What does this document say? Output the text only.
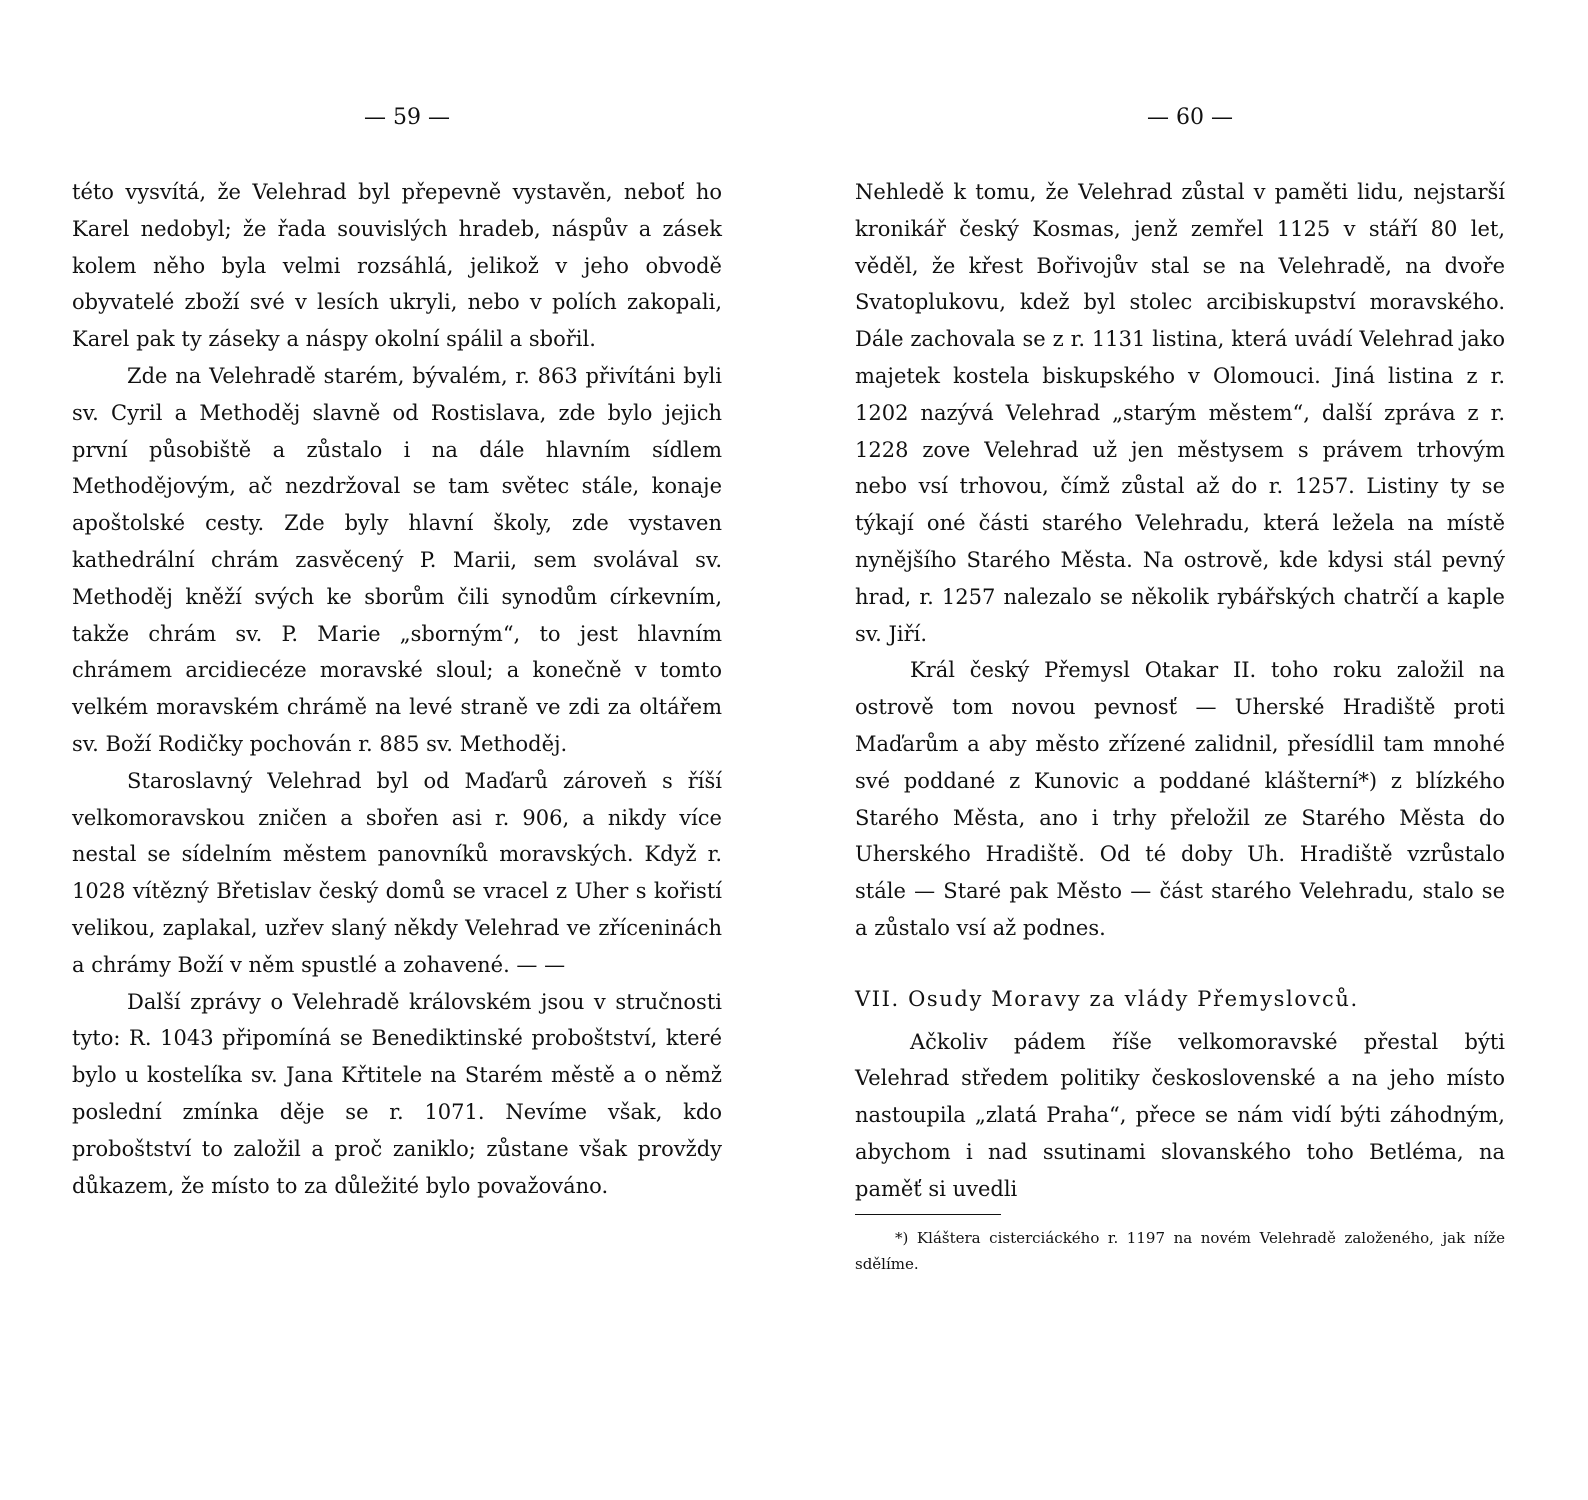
— 59 —

této vysvítá, že Velehrad byl přepevně vystavěn, neboť ho Karel nedobyl; že řada souvislých hradeb, náspův a zásek kolem něho byla velmi rozsáhlá, jelikož v jeho obvodě obyvatelé zboží své v lesích ukryli, nebo v polích zakopali, Karel pak ty záseky a náspy okolní spálil a sbořil.

Zde na Velehradě starém, bývalém, r. 863 přivítáni byli sv. Cyril a Methoděj slavně od Rostislava, zde bylo jejich první působiště a zůstalo i na dále hlavním sídlem Methodějovým, ač nezdržoval se tam světec stále, konaje apoštolské cesty. Zde byly hlavní školy, zde vystaven kathedrální chrám zasvěcený P. Marii, sem svolával sv. Methoděj kněží svých ke sborům čili synodům církevním, takže chrám sv. P. Marie „sborným“, to jest hlavním chrámem arcidiecéze moravské sloul; a konečně v tomto velkém moravském chrámě na levé straně ve zdi za oltářem sv. Boží Rodičky pochován r. 885 sv. Methoděj.

Staroslavný Velehrad byl od Maďarů zároveň s říší velkomoravskou zničen a sbořen asi r. 906, a nikdy více nestal se sídelním městem panovníků moravských. Když r. 1028 vítězný Břetislav český domů se vracel z Uher s kořistí velikou, zaplakal, uzřev slaný někdy Velehrad ve zříceninách a chrámy Boží v něm spustlé a zohavené. — —

Další zprávy o Velehradě královském jsou v stručnosti tyto: R. 1043 připomíná se Benediktinské proboštství, které bylo u kostelíka sv. Jana Křtitele na Starém městě a o němž poslední zmínka děje se r. 1071. Nevíme však, kdo proboštství to založil a proč zaniklo; zůstane však provždy důkazem, že místo to za důležité bylo považováno.

— 60 —

Nehledě k tomu, že Velehrad zůstal v paměti lidu, nejstarší kronikář český Kosmas, jenž zemřel 1125 v stáří 80 let, věděl, že křest Bořivojův stal se na Velehradě, na dvoře Svatoplukovu, kdež byl stolec arcibiskupství moravského. Dále zachovala se z r. 1131 listina, která uvádí Velehrad jako majetek kostela biskupského v Olomouci. Jiná listina z r. 1202 nazývá Velehrad „starým městem“, další zpráva z r. 1228 zove Velehrad už jen městysem s právem trhovým nebo vsí trhovou, čímž zůstal až do r. 1257. Listiny ty se týkají oné části starého Velehradu, která ležela na místě nynějšího Starého Města. Na ostrově, kde kdysi stál pevný hrad, r. 1257 nalezalo se několik rybářských chatrčí a kaple sv. Jiří.

Král český Přemysl Otakar II. toho roku založil na ostrově tom novou pevnosť — Uherské Hradiště proti Maďarům a aby město zřízené zalidnil, přesídlil tam mnohé své poddané z Kunovic a poddané klášterní*) z blízkého Starého Města, ano i trhy přeložil ze Starého Města do Uherského Hradiště. Od té doby Uh. Hradiště vzrůstalo stále — Staré pak Město — část starého Velehradu, stalo se a zůstalo vsí až podnes.

VII. Osudy Moravy za vlády Přemyslovců.

Ačkoliv pádem říše velkomoravské přestal býti Velehrad středem politiky československé a na jeho místo nastoupila „zlatá Praha“, přece se nám vidí býti záhodným, abychom i nad ssutinami slovanského toho Betléma, na paměť si uvedli

*) Kláštera cisterciáckého r. 1197 na novém Velehradě založeného, jak níže sdělíme.
